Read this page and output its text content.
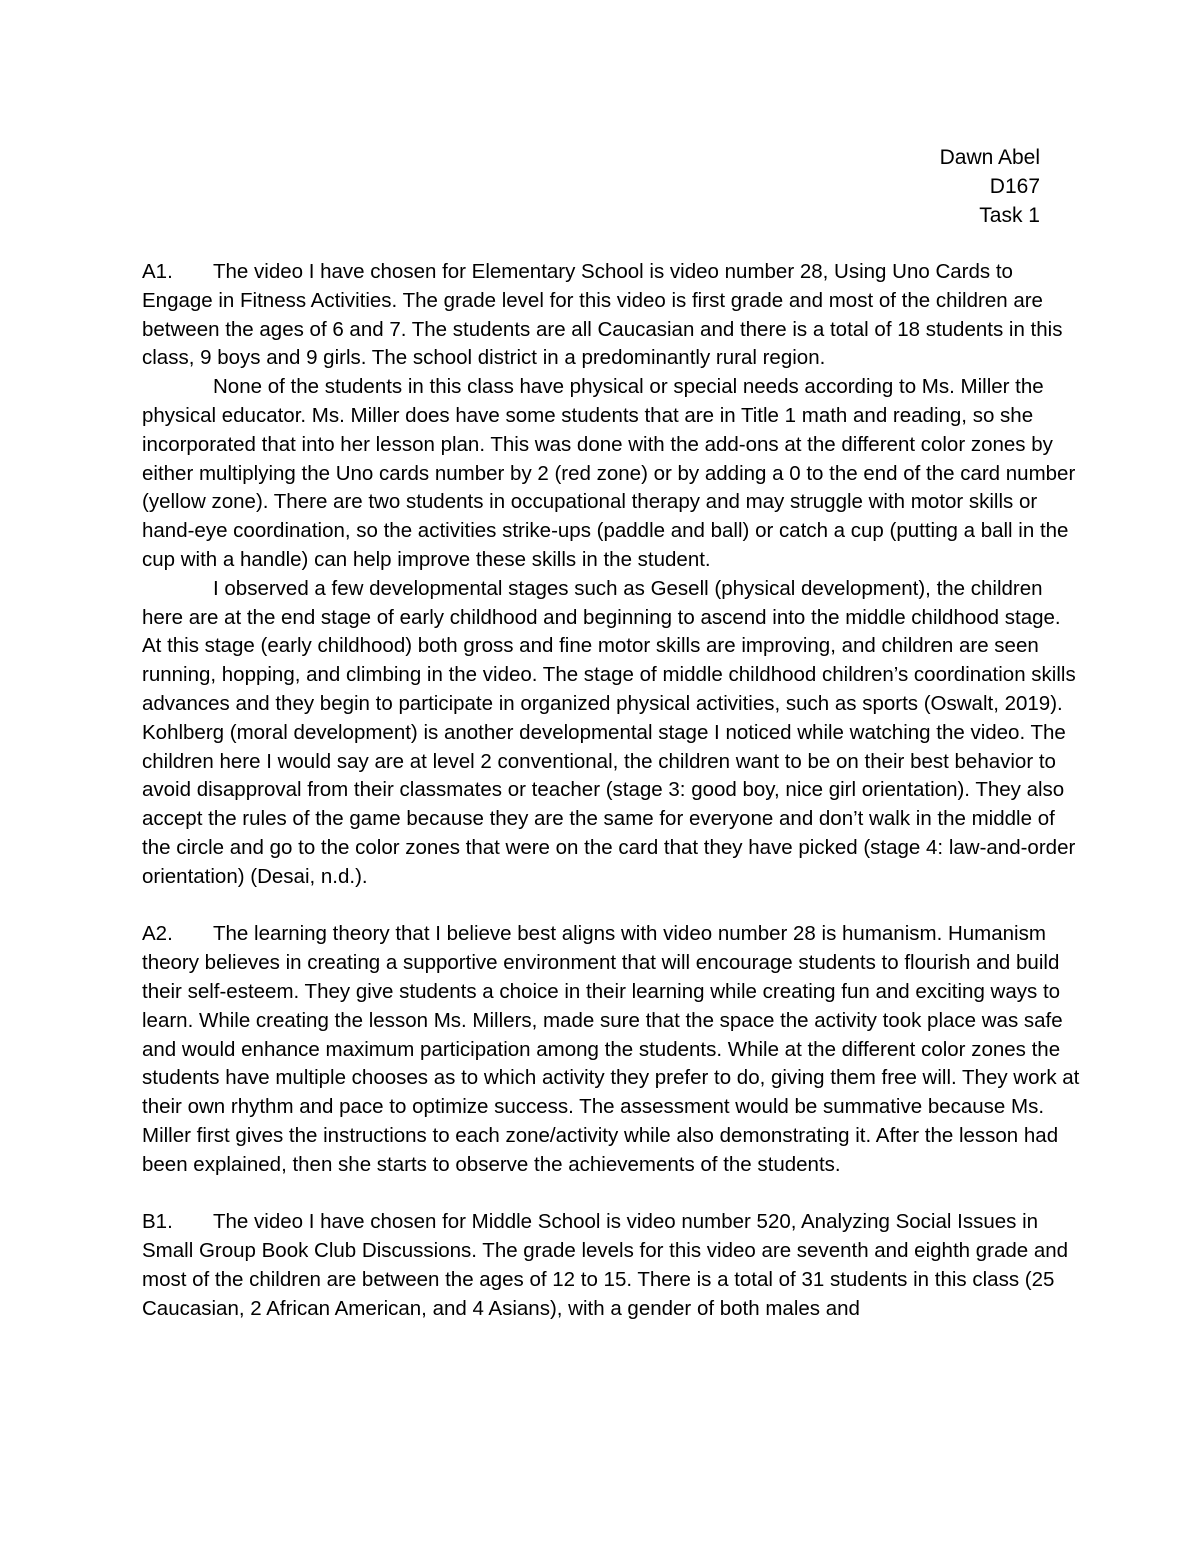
Dawn Abel
D167
Task 1

A1. The video I have chosen for Elementary School is video number 28, Using Uno Cards to Engage in Fitness Activities. The grade level for this video is first grade and most of the children are between the ages of 6 and 7. The students are all Caucasian and there is a total of 18 students in this class, 9 boys and 9 girls. The school district in a predominantly rural region.

None of the students in this class have physical or special needs according to Ms. Miller the physical educator. Ms. Miller does have some students that are in Title 1 math and reading, so she incorporated that into her lesson plan. This was done with the add-ons at the different color zones by either multiplying the Uno cards number by 2 (red zone) or by adding a 0 to the end of the card number (yellow zone). There are two students in occupational therapy and may struggle with motor skills or hand-eye coordination, so the activities strike-ups (paddle and ball) or catch a cup (putting a ball in the cup with a handle) can help improve these skills in the student.

I observed a few developmental stages such as Gesell (physical development), the children here are at the end stage of early childhood and beginning to ascend into the middle childhood stage. At this stage (early childhood) both gross and fine motor skills are improving, and children are seen running, hopping, and climbing in the video. The stage of middle childhood children’s coordination skills advances and they begin to participate in organized physical activities, such as sports (Oswalt, 2019). Kohlberg (moral development) is another developmental stage I noticed while watching the video. The children here I would say are at level 2 conventional, the children want to be on their best behavior to avoid disapproval from their classmates or teacher (stage 3: good boy, nice girl orientation). They also accept the rules of the game because they are the same for everyone and don’t walk in the middle of the circle and go to the color zones that were on the card that they have picked (stage 4: law-and-order orientation) (Desai, n.d.).

A2. The learning theory that I believe best aligns with video number 28 is humanism. Humanism theory believes in creating a supportive environment that will encourage students to flourish and build their self-esteem. They give students a choice in their learning while creating fun and exciting ways to learn. While creating the lesson Ms. Millers, made sure that the space the activity took place was safe and would enhance maximum participation among the students. While at the different color zones the students have multiple chooses as to which activity they prefer to do, giving them free will. They work at their own rhythm and pace to optimize success. The assessment would be summative because Ms. Miller first gives the instructions to each zone/activity while also demonstrating it. After the lesson had been explained, then she starts to observe the achievements of the students.

B1. The video I have chosen for Middle School is video number 520, Analyzing Social Issues in Small Group Book Club Discussions. The grade levels for this video are seventh and eighth grade and most of the children are between the ages of 12 to 15. There is a total of 31 students in this class (25 Caucasian, 2 African American, and 4 Asians), with a gender of both males and
